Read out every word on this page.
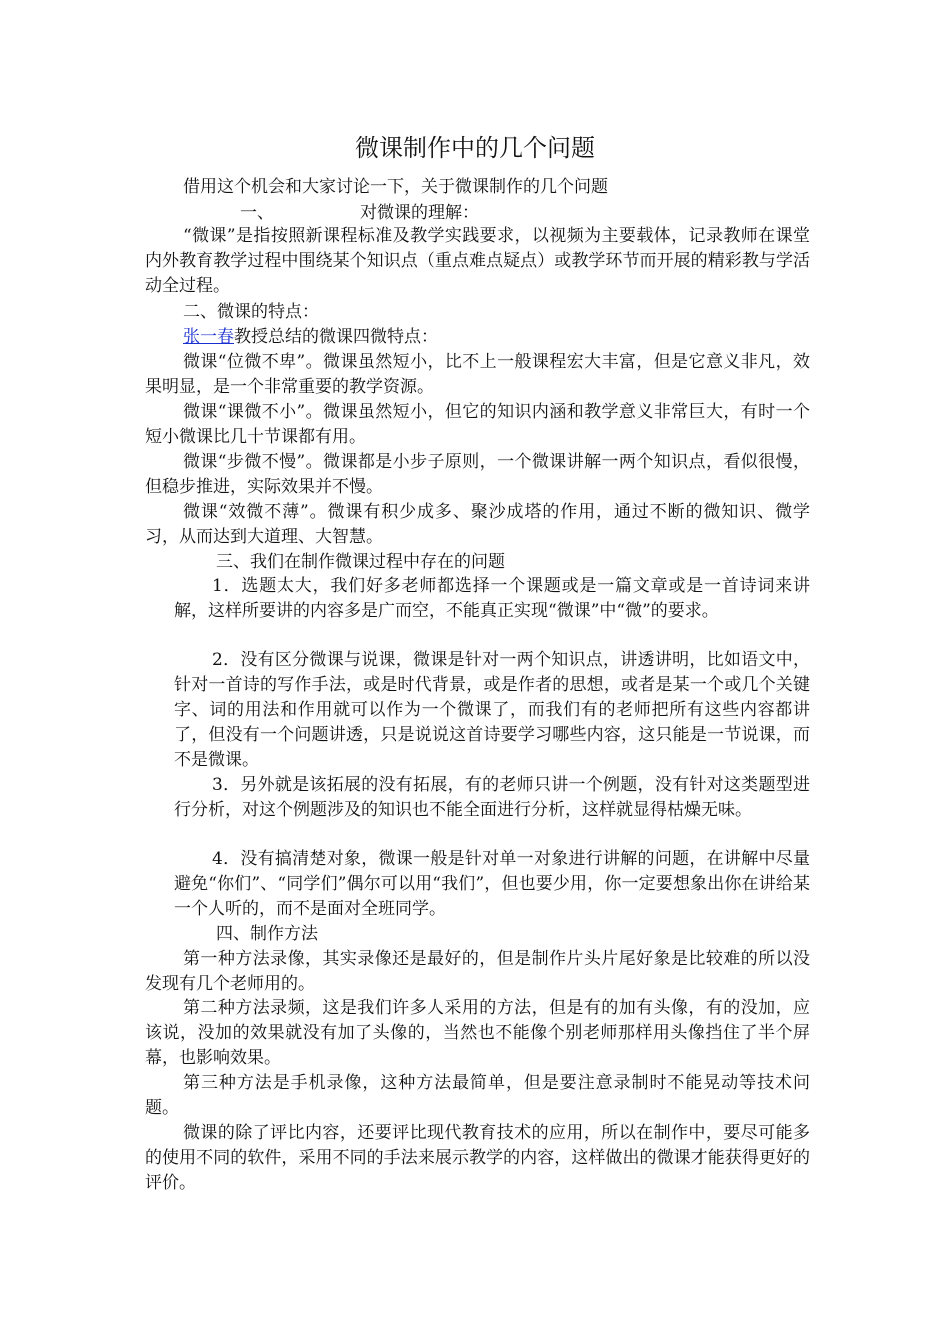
微课制作中的几个问题
借用这个机会和大家讨论一下，关于微课制作的几个问题
一、	对微课的理解：

“微课”是指按照新课程标准及教学实践要求，以视频为主要载体，记录教师在课堂内外教育教学过程中围绕某个知识点（重点难点疑点）或教学环节而开展的精彩教与学活动全过程。

二、微课的特点：

张一春教授总结的微课四微特点：

微课“位微不卑”。微课虽然短小，比不上一般课程宏大丰富，但是它意义非凡，效果明显，是一个非常重要的教学资源。

微课“课微不小”。微课虽然短小，但它的知识内涵和教学意义非常巨大，有时一个短小微课比几十节课都有用。

微课“步微不慢”。微课都是小步子原则，一个微课讲解一两个知识点，看似很慢，但稳步推进，实际效果并不慢。

微课“效微不薄”。微课有积少成多、聚沙成塔的作用，通过不断的微知识、微学习，从而达到大道理、大智慧。

三、我们在制作微课过程中存在的问题

1．选题太大，我们好多老师都选择一个课题或是一篇文章或是一首诗词来讲解，这样所要讲的内容多是广而空，不能真正实现“微课”中“微”的要求。

2．没有区分微课与说课，微课是针对一两个知识点，讲透讲明，比如语文中，针对一首诗的写作手法，或是时代背景，或是作者的思想，或者是某一个或几个关键字、词的用法和作用就可以作为一个微课了，而我们有的老师把所有这些内容都讲了，但没有一个问题讲透，只是说说这首诗要学习哪些内容，这只能是一节说课，而不是微课。

3．另外就是该拓展的没有拓展，有的老师只讲一个例题，没有针对这类题型进行分析，对这个例题涉及的知识也不能全面进行分析，这样就显得枯燥无味。

4．没有搞清楚对象，微课一般是针对单一对象进行讲解的问题，在讲解中尽量避免“你们”、“同学们”偶尔可以用“我们”，但也要少用，你一定要想象出你在讲给某一个人听的，而不是面对全班同学。

四、制作方法

第一种方法录像，其实录像还是最好的，但是制作片头片尾好象是比较难的所以没发现有几个老师用的。

第二种方法录频，这是我们许多人采用的方法，但是有的加有头像，有的没加，应该说，没加的效果就没有加了头像的，当然也不能像个别老师那样用头像挡住了半个屏幕，也影响效果。

第三种方法是手机录像，这种方法最简单，但是要注意录制时不能晃动等技术问题。

微课的除了评比内容，还要评比现代教育技术的应用，所以在制作中，要尽可能多的使用不同的软件，采用不同的手法来展示教学的内容，这样做出的微课才能获得更好的评价。
